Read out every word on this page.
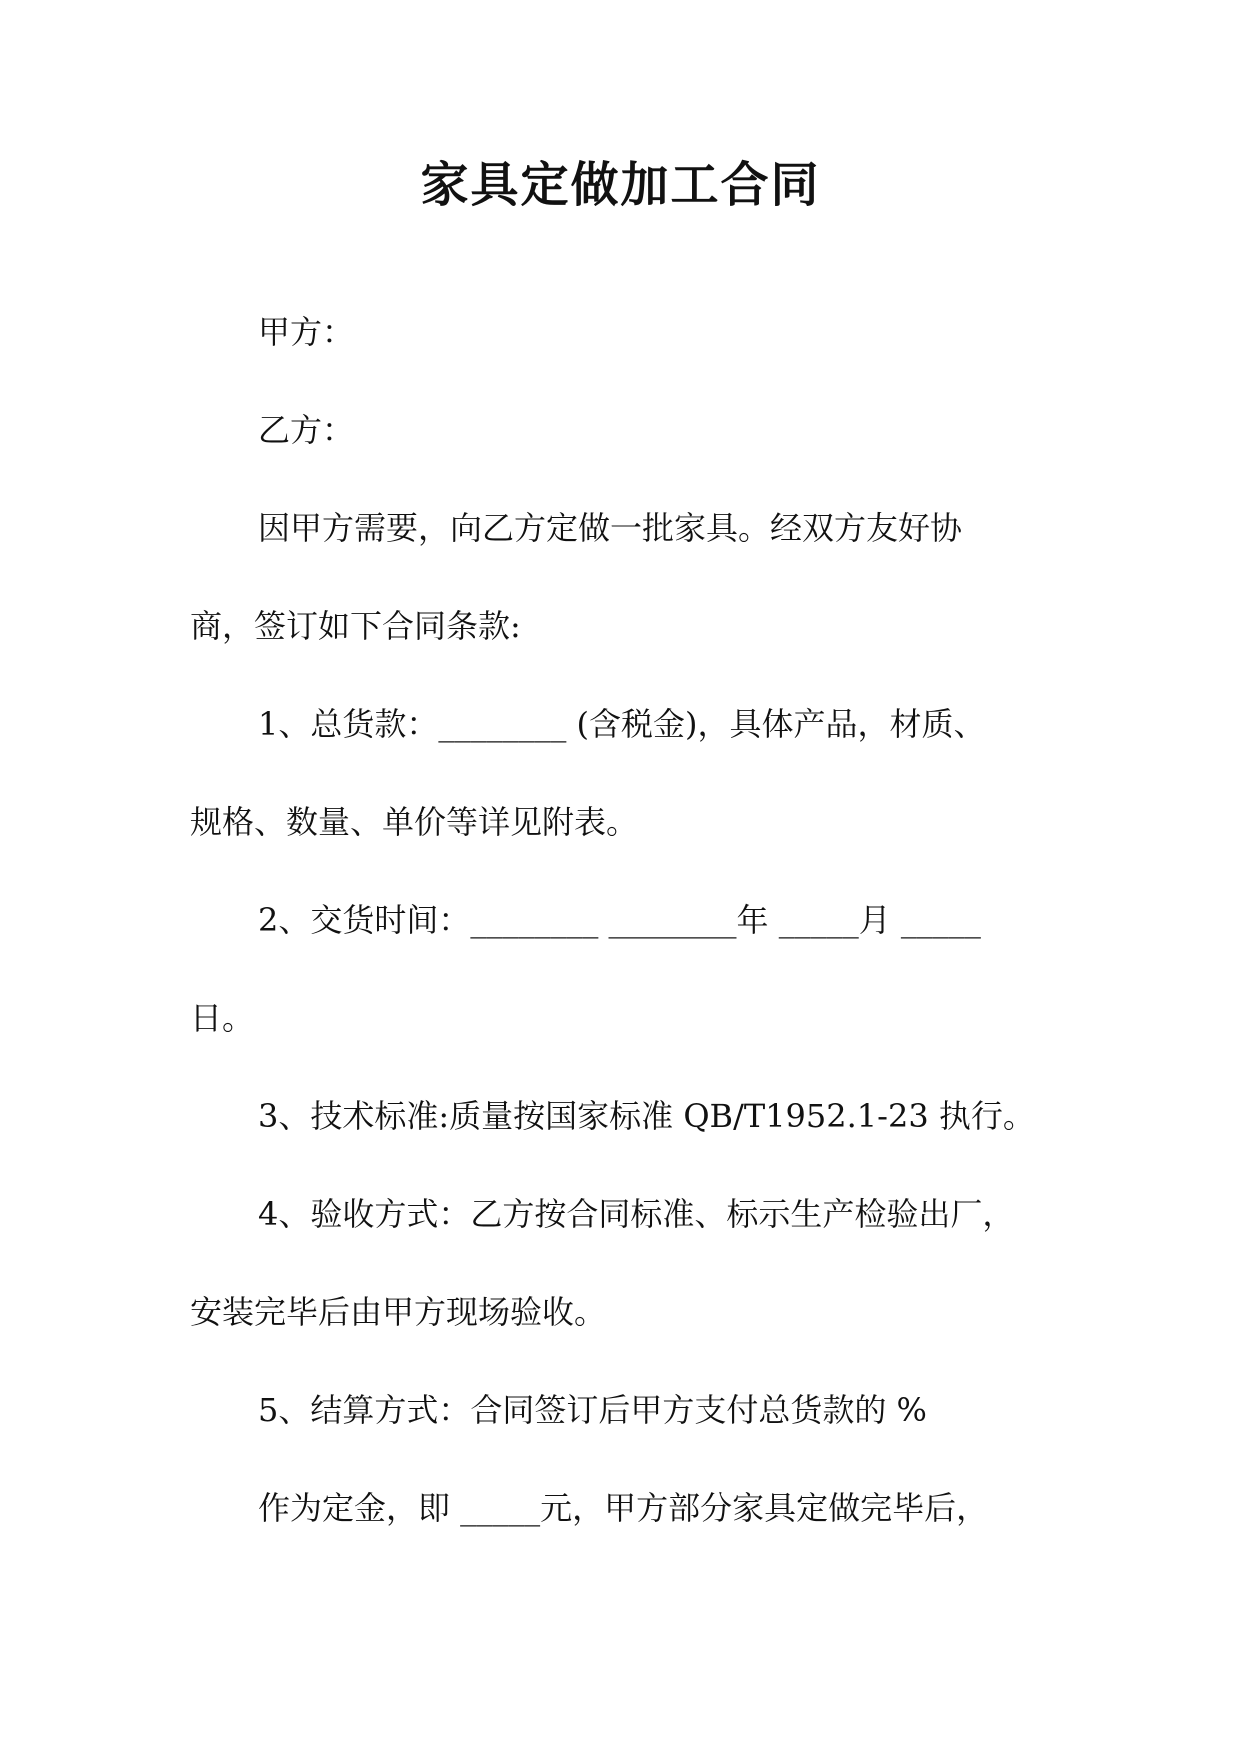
家具定做加工合同

甲方：

乙方：

因甲方需要，向乙方定做一批家具。经双方友好协

商，签订如下合同条款:

1、总货款：________ (含税金)，具体产品，材质、

规格、数量、单价等详见附表。

2、交货时间：________ ________年 _____月 _____

日。

3、技术标准:质量按国家标准 QB/T1952.1-23 执行。

4、验收方式：乙方按合同标准、标示生产检验出厂，

安装完毕后由甲方现场验收。

5、结算方式：合同签订后甲方支付总货款的 %

作为定金，即 _____元，甲方部分家具定做完毕后，
